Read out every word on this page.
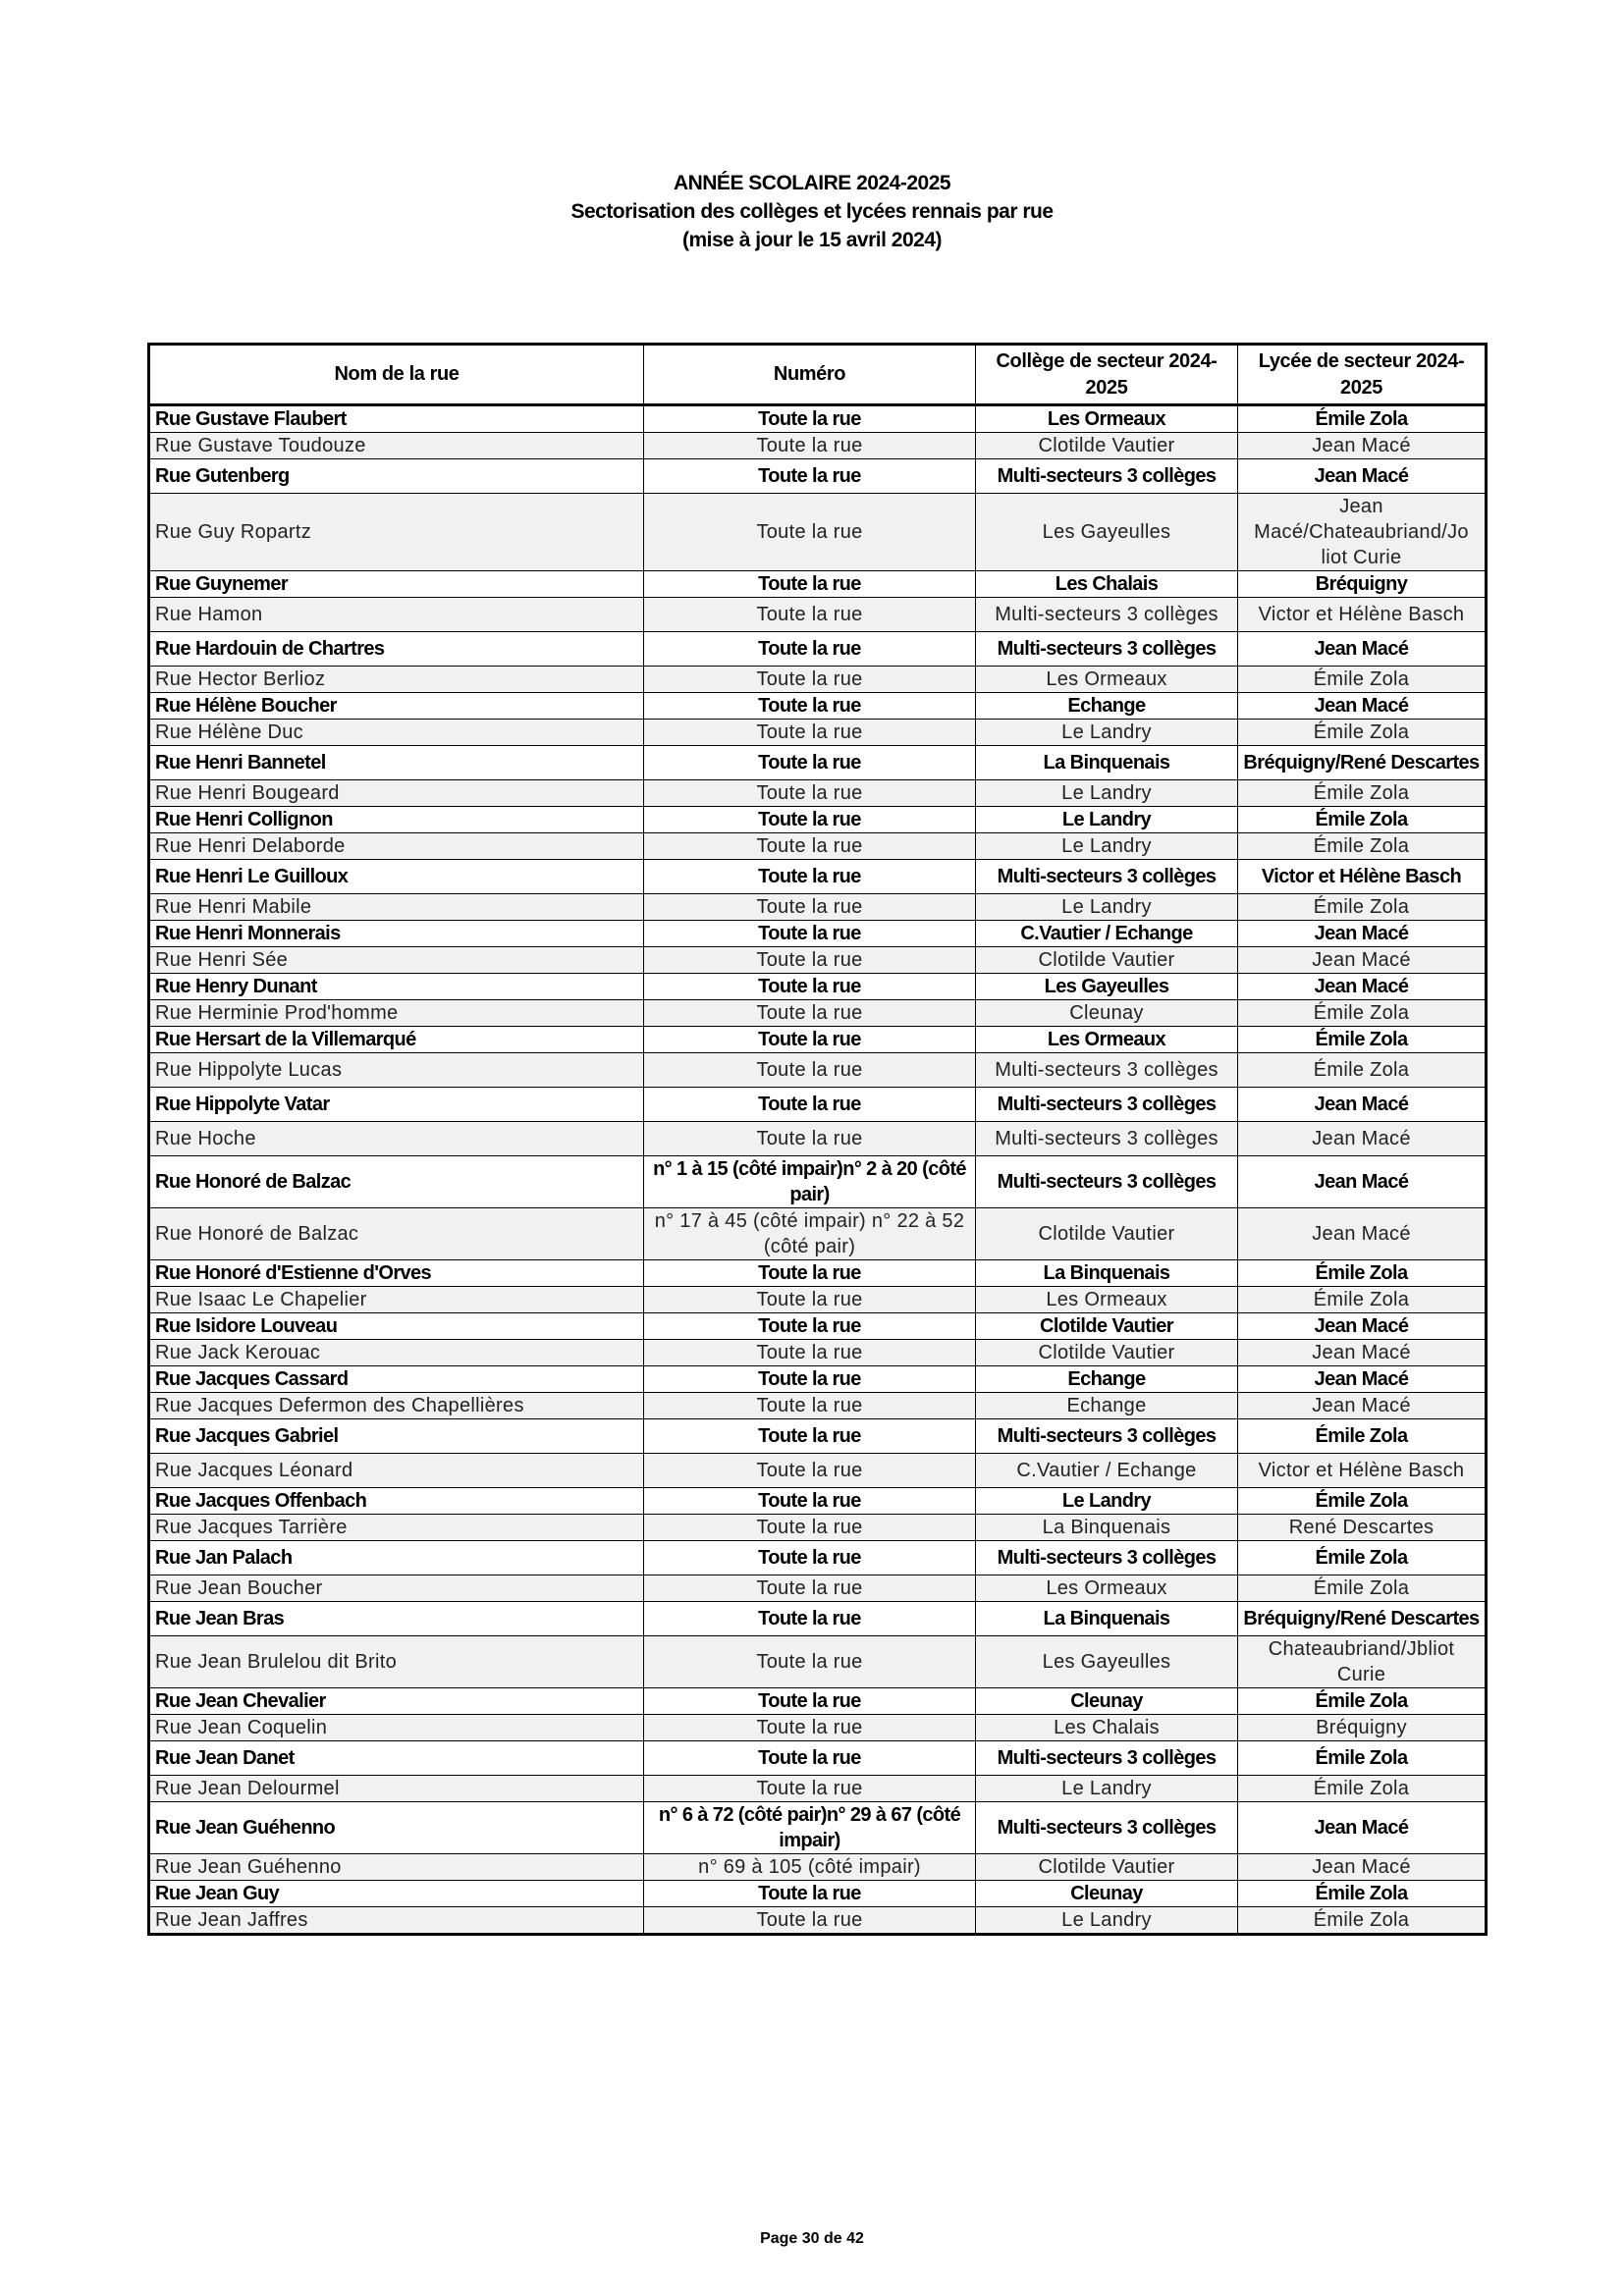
ANNÉE SCOLAIRE 2024-2025
Sectorisation des collèges et lycées rennais par rue
(mise à jour le 15 avril 2024)
Nom de la rue	Numéro	Collège de secteur 2024-2025	Lycée de secteur 2024-2025
Rue Gustave Flaubert	Toute la rue	Les Ormeaux	Émile Zola
Rue Gustave Toudouze	Toute la rue	Clotilde Vautier	Jean Macé
Rue Gutenberg	Toute la rue	Multi-secteurs 3 collèges	Jean Macé
Rue Guy Ropartz	Toute la rue	Les Gayeulles	Jean Macé/Chateaubriand/Jo liot Curie
Rue Guynemer	Toute la rue	Les Chalais	Bréquigny
Rue Hamon	Toute la rue	Multi-secteurs 3 collèges	Victor et Hélène Basch
Rue Hardouin de Chartres	Toute la rue	Multi-secteurs 3 collèges	Jean Macé
Rue Hector Berlioz	Toute la rue	Les Ormeaux	Émile Zola
Rue Hélène Boucher	Toute la rue	Echange	Jean Macé
Rue Hélène Duc	Toute la rue	Le Landry	Émile Zola
Rue Henri Bannetel	Toute la rue	La Binquenais	Bréquigny/René Descartes
Rue Henri Bougeard	Toute la rue	Le Landry	Émile Zola
Rue Henri Collignon	Toute la rue	Le Landry	Émile Zola
Rue Henri Delaborde	Toute la rue	Le Landry	Émile Zola
Rue Henri Le Guilloux	Toute la rue	Multi-secteurs 3 collèges	Victor et Hélène Basch
Rue Henri Mabile	Toute la rue	Le Landry	Émile Zola
Rue Henri Monnerais	Toute la rue	C.Vautier / Echange	Jean Macé
Rue Henri Sée	Toute la rue	Clotilde Vautier	Jean Macé
Rue Henry Dunant	Toute la rue	Les Gayeulles	Jean Macé
Rue Herminie Prod'homme	Toute la rue	Cleunay	Émile Zola
Rue Hersart de la Villemarqué	Toute la rue	Les Ormeaux	Émile Zola
Rue Hippolyte Lucas	Toute la rue	Multi-secteurs 3 collèges	Émile Zola
Rue Hippolyte Vatar	Toute la rue	Multi-secteurs 3 collèges	Jean Macé
Rue Hoche	Toute la rue	Multi-secteurs 3 collèges	Jean Macé
Rue Honoré de Balzac	n° 1 à 15 (côté impair)n° 2 à 20 (côté pair)	Multi-secteurs 3 collèges	Jean Macé
Rue Honoré de Balzac	n° 17 à 45 (côté impair) n° 22 à 52 (côté pair)	Clotilde Vautier	Jean Macé
Rue Honoré d'Estienne d'Orves	Toute la rue	La Binquenais	Émile Zola
Rue Isaac Le Chapelier	Toute la rue	Les Ormeaux	Émile Zola
Rue Isidore Louveau	Toute la rue	Clotilde Vautier	Jean Macé
Rue Jack Kerouac	Toute la rue	Clotilde Vautier	Jean Macé
Rue Jacques Cassard	Toute la rue	Echange	Jean Macé
Rue Jacques Defermon des Chapellières	Toute la rue	Echange	Jean Macé
Rue Jacques Gabriel	Toute la rue	Multi-secteurs 3 collèges	Émile Zola
Rue Jacques Léonard	Toute la rue	C.Vautier / Echange	Victor et Hélène Basch
Rue Jacques Offenbach	Toute la rue	Le Landry	Émile Zola
Rue Jacques Tarrière	Toute la rue	La Binquenais	René Descartes
Rue Jan Palach	Toute la rue	Multi-secteurs 3 collèges	Émile Zola
Rue Jean Boucher	Toute la rue	Les Ormeaux	Émile Zola
Rue Jean Bras	Toute la rue	La Binquenais	Bréquigny/René Descartes
Rue Jean Brulelou dit Brito	Toute la rue	Les Gayeulles	Chateaubriand/Jbliot Curie
Rue Jean Chevalier	Toute la rue	Cleunay	Émile Zola
Rue Jean Coquelin	Toute la rue	Les Chalais	Bréquigny
Rue Jean Danet	Toute la rue	Multi-secteurs 3 collèges	Émile Zola
Rue Jean Delourmel	Toute la rue	Le Landry	Émile Zola
Rue Jean Guéhenno	n° 6 à 72 (côté pair)n° 29 à 67 (côté impair)	Multi-secteurs 3 collèges	Jean Macé
Rue Jean Guéhenno	n° 69 à 105 (côté impair)	Clotilde Vautier	Jean Macé
Rue Jean Guy	Toute la rue	Cleunay	Émile Zola
Rue Jean Jaffres	Toute la rue	Le Landry	Émile Zola
Page 30 de 42
